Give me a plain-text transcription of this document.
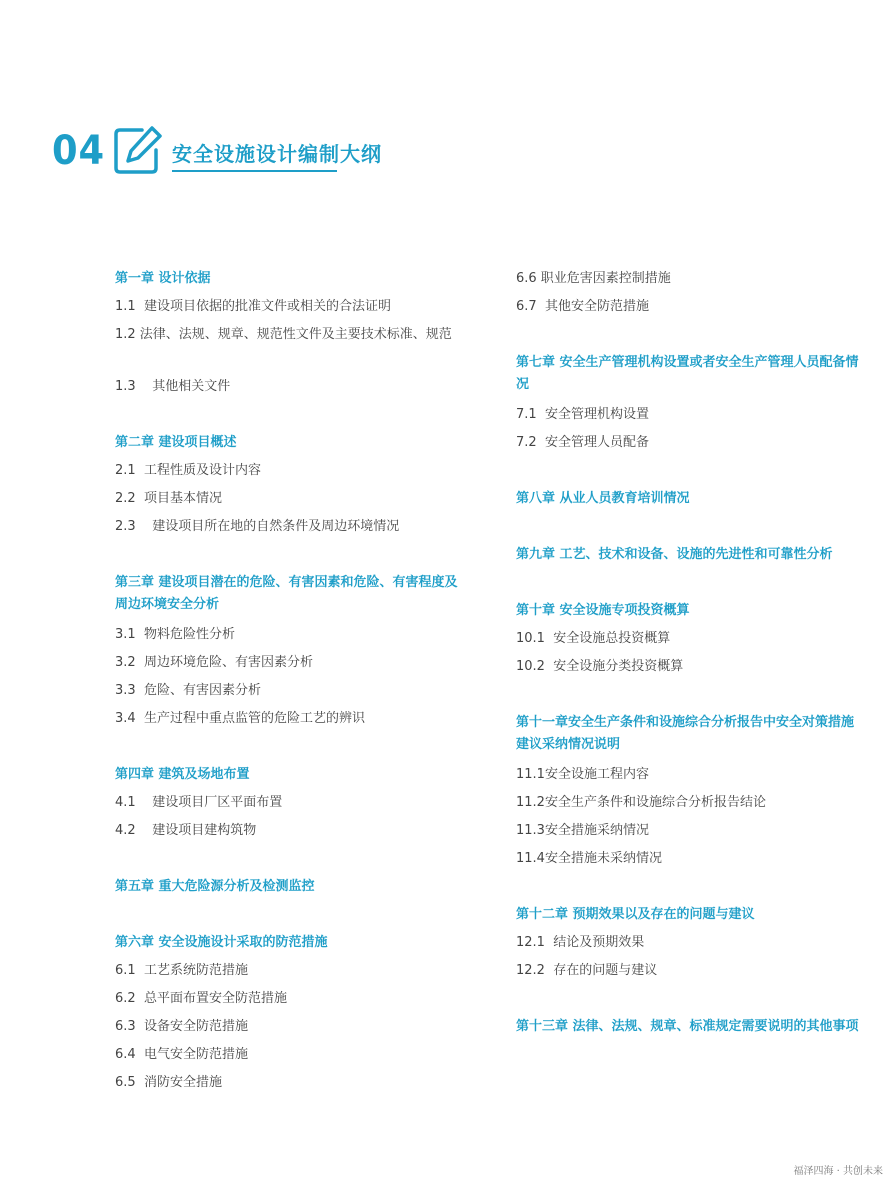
04	安全设施设计编制大纲
第一章 设计依据
1.1  建设项目依据的批准文件或相关的合法证明
1.2 法律、法规、规章、规范性文件及主要技术标准、规范
1.3    其他相关文件
第二章 建设项目概述
2.1  工程性质及设计内容
2.2  项目基本情况
2.3    建设项目所在地的自然条件及周边环境情况
第三章 建设项目潜在的危险、有害因素和危险、有害程度及周边环境安全分析
3.1  物料危险性分析
3.2  周边环境危险、有害因素分析
3.3  危险、有害因素分析
3.4  生产过程中重点监管的危险工艺的辨识
第四章 建筑及场地布置
4.1    建设项目厂区平面布置
4.2    建设项目建构筑物
第五章 重大危险源分析及检测监控
第六章 安全设施设计采取的防范措施
6.1  工艺系统防范措施
6.2  总平面布置安全防范措施
6.3  设备安全防范措施
6.4  电气安全防范措施
6.5  消防安全措施
6.6 职业危害因素控制措施
6.7  其他安全防范措施
第七章 安全生产管理机构设置或者安全生产管理人员配备情况
7.1  安全管理机构设置
7.2  安全管理人员配备
第八章 从业人员教育培训情况
第九章 工艺、技术和设备、设施的先进性和可靠性分析
第十章 安全设施专项投资概算
10.1  安全设施总投资概算
10.2  安全设施分类投资概算
第十一章安全生产条件和设施综合分析报告中安全对策措施建议采纳情况说明
11.1安全设施工程内容
11.2安全生产条件和设施综合分析报告结论
11.3安全措施采纳情况
11.4安全措施未采纳情况
第十二章 预期效果以及存在的问题与建议
12.1  结论及预期效果
12.2  存在的问题与建议
第十三章 法律、法规、规章、标准规定需要说明的其他事项
福泽四海 · 共创未来
